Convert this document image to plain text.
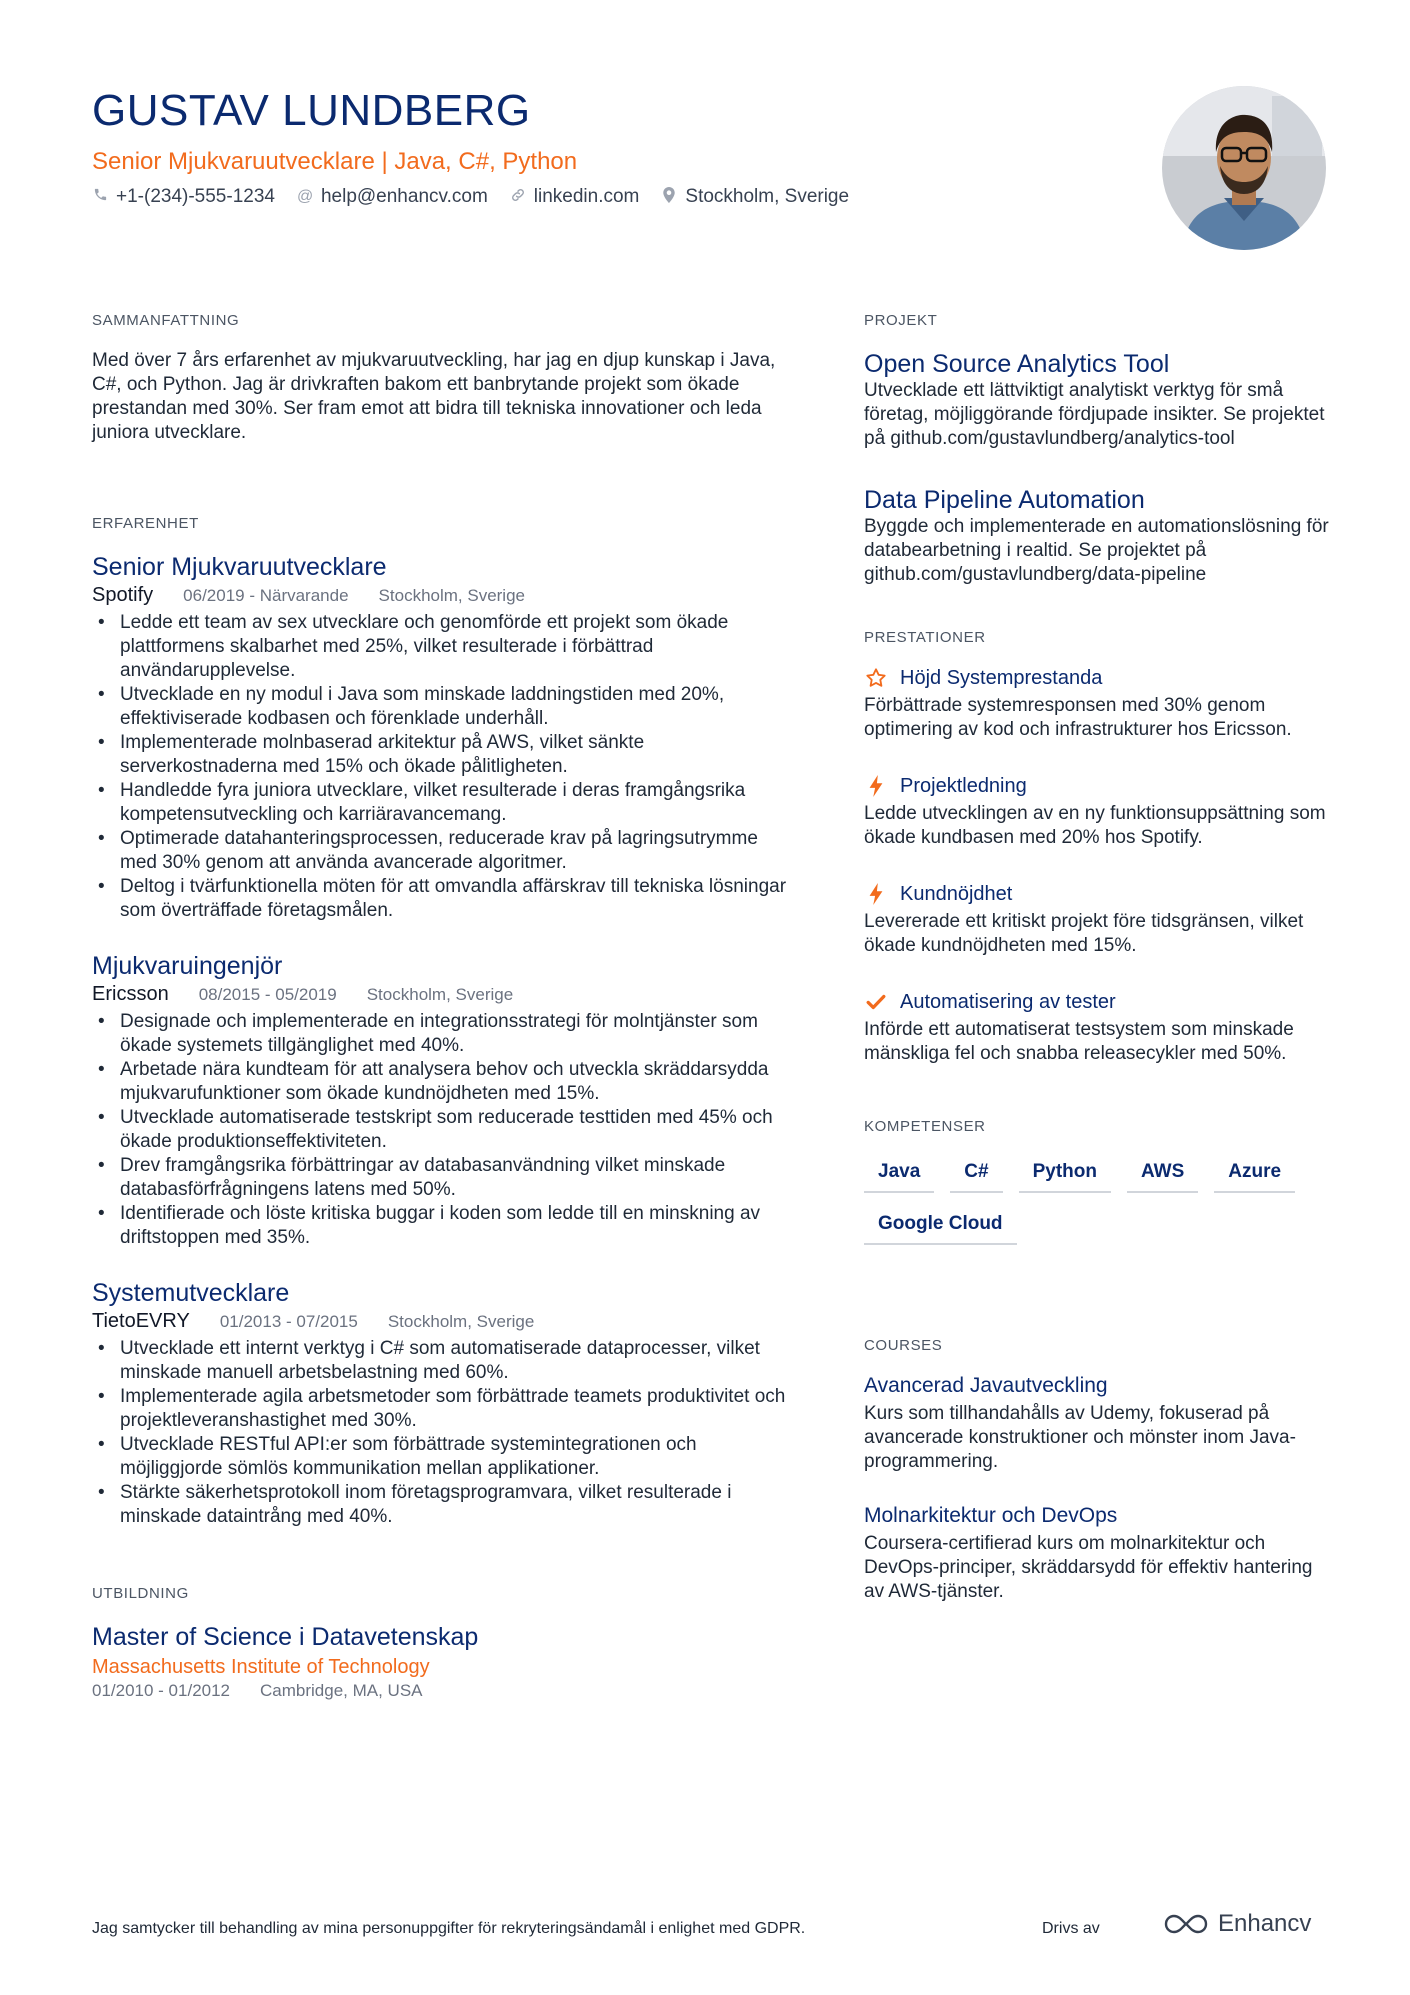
GUSTAV LUNDBERG
Senior Mjukvaruutvecklare | Java, C#, Python
+1-(234)-555-1234 @ help@enhancv.com linkedin.com Stockholm, Sverige
SAMMANFATTNING

Med över 7 års erfarenhet av mjukvaruutveckling, har jag en djup kunskap i Java, C#, och Python. Jag är drivkraften bakom ett banbrytande projekt som ökade prestandan med 30%. Ser fram emot att bidra till tekniska innovationer och leda juniora utvecklare.

ERFARENHET
Senior Mjukvaruutvecklare
Spotify 06/2019 - Närvarande Stockholm, Sverige
• Ledde ett team av sex utvecklare och genomförde ett projekt som ökade plattformens skalbarhet med 25%, vilket resulterade i förbättrad användarupplevelse.
• Utvecklade en ny modul i Java som minskade laddningstiden med 20%, effektiviserade kodbasen och förenklade underhåll.
• Implementerade molnbaserad arkitektur på AWS, vilket sänkte serverkostnaderna med 15% och ökade pålitligheten.
• Handledde fyra juniora utvecklare, vilket resulterade i deras framgångsrika kompetensutveckling och karriäravancemang.
• Optimerade datahanteringsprocessen, reducerade krav på lagringsutrymme med 30% genom att använda avancerade algoritmer.
• Deltog i tvärfunktionella möten för att omvandla affärskrav till tekniska lösningar som överträffade företagsmålen.
Mjukvaruingenjör
Ericsson 08/2015 - 05/2019 Stockholm, Sverige
• Designade och implementerade en integrationsstrategi för molntjänster som ökade systemets tillgänglighet med 40%.
• Arbetade nära kundteam för att analysera behov och utveckla skräddarsydda mjukvarufunktioner som ökade kundnöjdheten med 15%.
• Utvecklade automatiserade testskript som reducerade testtiden med 45% och ökade produktionseffektiviteten.
• Drev framgångsrika förbättringar av databasanvändning vilket minskade databasförfrågningens latens med 50%.
• Identifierade och löste kritiska buggar i koden som ledde till en minskning av driftstoppen med 35%.
Systemutvecklare
TietoEVRY 01/2013 - 07/2015 Stockholm, Sverige
• Utvecklade ett internt verktyg i C# som automatiserade dataprocesser, vilket minskade manuell arbetsbelastning med 60%.
• Implementerade agila arbetsmetoder som förbättrade teamets produktivitet och projektleveranshastighet med 30%.
• Utvecklade RESTful API:er som förbättrade systemintegrationen och möjliggjorde sömlös kommunikation mellan applikationer.
• Stärkte säkerhetsprotokoll inom företagsprogramvara, vilket resulterade i minskade dataintrång med 40%.
UTBILDNING
Master of Science i Datavetenskap
Massachusetts Institute of Technology
01/2010 - 01/2012 Cambridge, MA, USA
PROJEKT
Open Source Analytics Tool

Utvecklade ett lättviktigt analytiskt verktyg för små företag, möjliggörande fördjupade insikter. Se projektet på github.com/gustavlundberg/analytics-tool

Data Pipeline Automation

Byggde och implementerade en automationslösning för databearbetning i realtid. Se projektet på github.com/gustavlundberg/data-pipeline

PRESTATIONER
Höjd Systemprestanda

Förbättrade systemresponsen med 30% genom optimering av kod och infrastrukturer hos Ericsson.

Projektledning

Ledde utvecklingen av en ny funktionsuppsättning som ökade kundbasen med 20% hos Spotify.

Kundnöjdhet

Levererade ett kritiskt projekt före tidsgränsen, vilket ökade kundnöjdheten med 15%.

Automatisering av tester

Införde ett automatiserat testsystem som minskade mänskliga fel och snabba releasecykler med 50%.

KOMPETENSER
Java	C#	Python	AWS	Azure
Google Cloud
COURSES
Avancerad Javautveckling

Kurs som tillhandahålls av Udemy, fokuserad på avancerade konstruktioner och mönster inom Java-programmering.

Molnarkitektur och DevOps

Coursera-certifierad kurs om molnarkitektur och DevOps-principer, skräddarsydd för effektiv hantering av AWS-tjänster.

Jag samtycker till behandling av mina personuppgifter för rekryteringsändamål i enlighet med GDPR.	Drivs av	Enhancv
